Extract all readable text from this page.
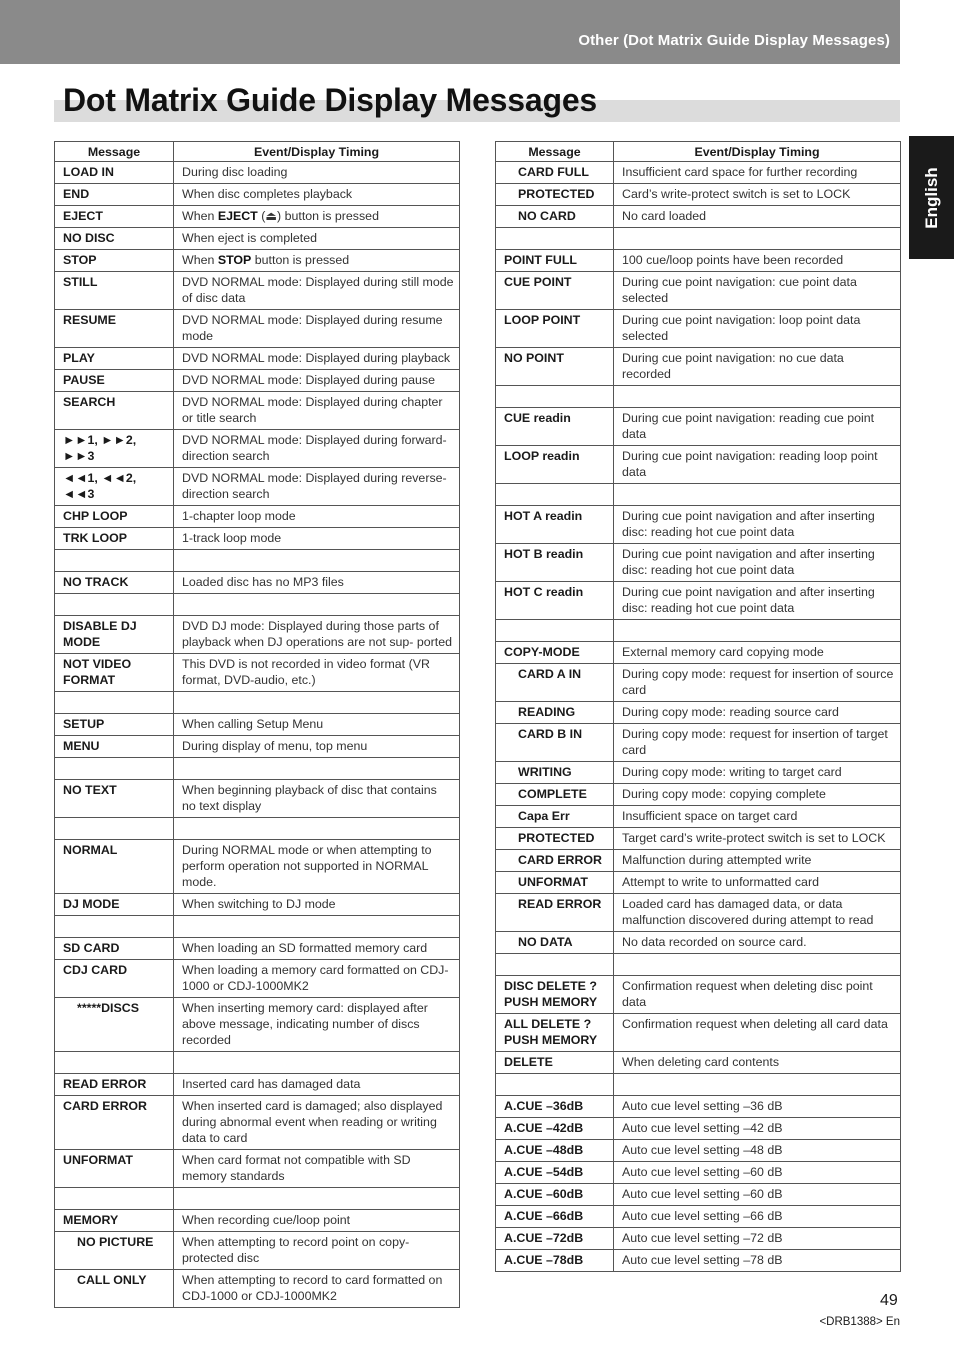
Other (Dot Matrix Guide Display Messages)
Dot Matrix Guide Display Messages
English
Message	Event/Display Timing
LOAD IN	During disc loading
END	When disc completes playback
EJECT	When EJECT (⏏) button is pressed
NO DISC	When eject is completed
STOP	When STOP button is pressed
STILL	DVD NORMAL mode: Displayed during still mode of disc data
RESUME	DVD NORMAL mode: Displayed during resume mode
PLAY	DVD NORMAL mode: Displayed during playback
PAUSE	DVD NORMAL mode: Displayed during pause
SEARCH	DVD NORMAL mode: Displayed during chapter or title search
►►1, ►►2, ►►3	DVD NORMAL mode: Displayed during forward-direction search
◄◄1, ◄◄2, ◄◄3	DVD NORMAL mode: Displayed during reverse-direction search
CHP LOOP	1-chapter loop mode
TRK LOOP	1-track loop mode

NO TRACK	Loaded disc has no MP3 files

DISABLE DJ MODE	DVD DJ mode: Displayed during those parts of playback when DJ operations are not sup- ported
NOT VIDEO FORMAT	This DVD is not recorded in video format (VR format, DVD-audio, etc.)

SETUP	When calling Setup Menu
MENU	During display of menu, top menu

NO TEXT	When beginning playback of disc that contains no text display

NORMAL	During NORMAL mode or when attempting to perform operation not supported in NORMAL mode.
DJ MODE	When switching to DJ mode

SD CARD	When loading an SD formatted memory card
CDJ CARD	When loading a memory card formatted on CDJ-1000 or CDJ-1000MK2
*****DISCS	When inserting memory card: displayed after above message, indicating number of discs recorded

READ ERROR	Inserted card has damaged data
CARD ERROR	When inserted card is damaged; also displayed during abnormal event when reading or writing data to card
UNFORMAT	When card format not compatible with SD memory standards

MEMORY	When recording cue/loop point
NO PICTURE	When attempting to record point on copy- protected disc
CALL ONLY	When attempting to record to card formatted on CDJ-1000 or CDJ-1000MK2
Message	Event/Display Timing
CARD FULL	Insufficient card space for further recording
PROTECTED	Card’s write-protect switch is set to LOCK
NO CARD	No card loaded

POINT FULL	100 cue/loop points have been recorded
CUE POINT	During cue point navigation: cue point data selected
LOOP POINT	During cue point navigation: loop point data selected
NO POINT	During cue point navigation: no cue data recorded

CUE readin	During cue point navigation: reading cue point data
LOOP readin	During cue point navigation: reading loop point data

HOT A readin	During cue point navigation and after inserting disc: reading hot cue point data
HOT B readin	During cue point navigation and after inserting disc: reading hot cue point data
HOT C readin	During cue point navigation and after inserting disc: reading hot cue point data

COPY-MODE	External memory card copying mode
CARD A IN	During copy mode: request for insertion of source card
READING	During copy mode: reading source card
CARD B IN	During copy mode: request for insertion of target card
WRITING	During copy mode: writing to target card
COMPLETE	During copy mode: copying complete
Capa Err	Insufficient space on target card
PROTECTED	Target card’s write-protect switch is set to LOCK
CARD ERROR	Malfunction during attempted write
UNFORMAT	Attempt to write to unformatted card
READ ERROR	Loaded card has damaged data, or data malfunction discovered during attempt to read
NO DATA	No data recorded on source card.

DISC DELETE ? PUSH MEMORY	Confirmation request when deleting disc point data
ALL DELETE ? PUSH MEMORY	Confirmation request when deleting all card data
DELETE	When deleting card contents

A.CUE –36dB	Auto cue level setting –36 dB
A.CUE –42dB	Auto cue level setting –42 dB
A.CUE –48dB	Auto cue level setting –48 dB
A.CUE –54dB	Auto cue level setting –60 dB
A.CUE –60dB	Auto cue level setting –60 dB
A.CUE –66dB	Auto cue level setting –66 dB
A.CUE –72dB	Auto cue level setting –72 dB
A.CUE –78dB	Auto cue level setting –78 dB
49
<DRB1388> En
